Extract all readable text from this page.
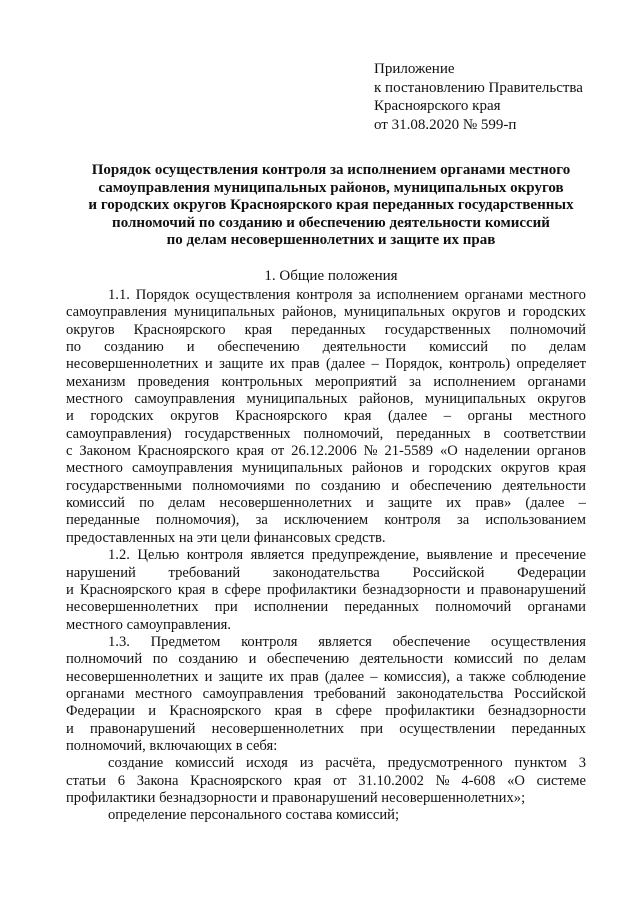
Приложение
к постановлению Правительства
Красноярского края
от 31.08.2020 № 599-п
Порядок осуществления контроля за исполнением органами местного
самоуправления муниципальных районов, муниципальных округов
и городских округов Красноярского края переданных государственных
полномочий по созданию и обеспечению деятельности комиссий
по делам несовершеннолетних и защите их прав
1. Общие положения
1.1. Порядок осуществления контроля за исполнением органами местного
самоуправления муниципальных районов, муниципальных округов и городских
округов Красноярского края переданных государственных полномочий
по созданию и обеспечению деятельности комиссий по делам
несовершеннолетних и защите их прав (далее – Порядок, контроль) определяет
механизм проведения контрольных мероприятий за исполнением органами
местного самоуправления муниципальных районов, муниципальных округов
и городских округов Красноярского края (далее – органы местного
самоуправления) государственных полномочий, переданных в соответствии
с Законом Красноярского края от 26.12.2006 № 21-5589 «О наделении органов
местного самоуправления муниципальных районов и городских округов края
государственными полномочиями по созданию и обеспечению деятельности
комиссий по делам несовершеннолетних и защите их прав» (далее –
переданные полномочия), за исключением контроля за использованием
предоставленных на эти цели финансовых средств.
1.2. Целью контроля является предупреждение, выявление и пресечение
нарушений требований законодательства Российской Федерации
и Красноярского края в сфере профилактики безнадзорности и правонарушений
несовершеннолетних при исполнении переданных полномочий органами
местного самоуправления.
1.3. Предметом контроля является обеспечение осуществления
полномочий по созданию и обеспечению деятельности комиссий по делам
несовершеннолетних и защите их прав (далее – комиссия), а также соблюдение
органами местного самоуправления требований законодательства Российской
Федерации и Красноярского края в сфере профилактики безнадзорности
и правонарушений несовершеннолетних при осуществлении переданных
полномочий, включающих в себя:
создание комиссий исходя из расчёта, предусмотренного пунктом 3
статьи 6 Закона Красноярского края от 31.10.2002 № 4-608 «О системе
профилактики безнадзорности и правонарушений несовершеннолетних»;
определение персонального состава комиссий;
